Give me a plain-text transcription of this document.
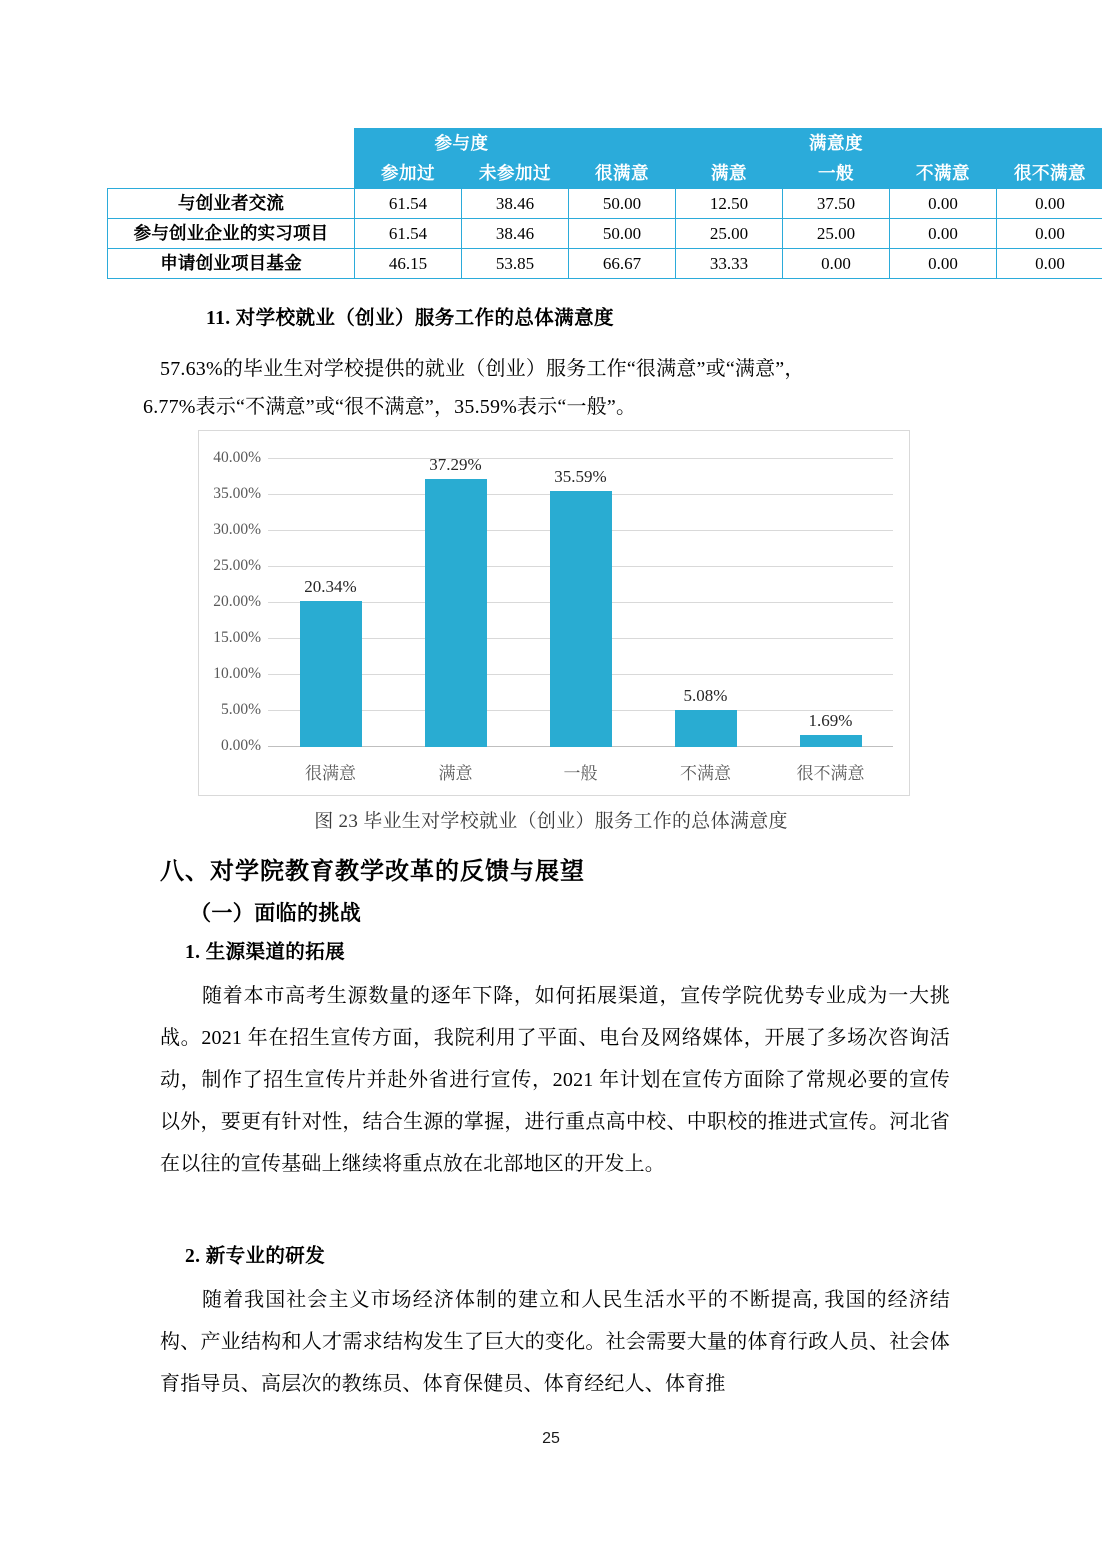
	参与度		满意度				
	参加过	未参加过	很满意	满意	一般	不满意	很不满意
与创业者交流	61.54	38.46	50.00	12.50	37.50	0.00	0.00
参与创业企业的实习项目	61.54	38.46	50.00	25.00	25.00	0.00	0.00
申请创业项目基金	46.15	53.85	66.67	33.33	0.00	0.00	0.00
11. 对学校就业（创业）服务工作的总体满意度
57.63%的毕业生对学校提供的就业（创业）服务工作“很满意”或“满意”，
6.77%表示“不满意”或“很不满意”，35.59%表示“一般”。
40.00%
35.00%
30.00%
25.00%
20.00%
15.00%
10.00%
5.00%
0.00%
20.34%
很满意
37.29%
满意
35.59%
一般
5.08%
不满意
1.69%
很不满意
图 23 毕业生对学校就业（创业）服务工作的总体满意度
八、对学院教育教学改革的反馈与展望
（一）面临的挑战
1. 生源渠道的拓展
随着本市高考生源数量的逐年下降，如何拓展渠道，宣传学院优势专业成为一大挑战。2021 年在招生宣传方面，我院利用了平面、电台及网络媒体，开展了多场次咨询活动，制作了招生宣传片并赴外省进行宣传，2021 年计划在宣传方面除了常规必要的宣传以外，要更有针对性，结合生源的掌握，进行重点高中校、中职校的推进式宣传。河北省在以往的宣传基础上继续将重点放在北部地区的开发上。
2. 新专业的研发
随着我国社会主义市场经济体制的建立和人民生活水平的不断提高, 我国的经济结构、产业结构和人才需求结构发生了巨大的变化。社会需要大量的体育行政人员、社会体育指导员、高层次的教练员、体育保健员、体育经纪人、体育推
25
